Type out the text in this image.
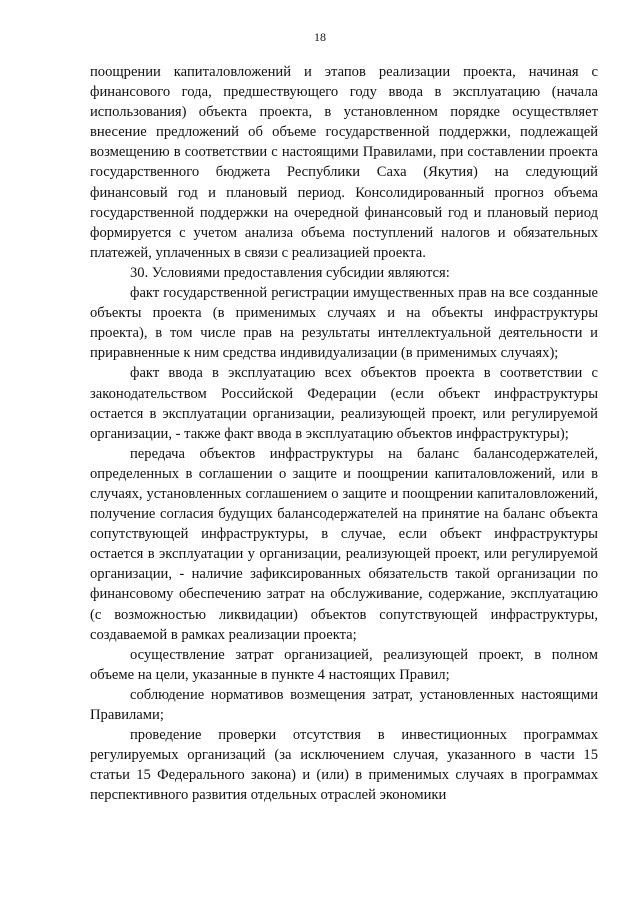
18

поощрении капиталовложений и этапов реализации проекта, начиная с финансового года, предшествующего году ввода в эксплуатацию (начала использования) объекта проекта, в установленном порядке осуществляет внесение предложений об объеме государственной поддержки, подлежащей возмещению в соответствии с настоящими Правилами, при составлении проекта государственного бюджета Республики Саха (Якутия) на следующий финансовый год и плановый период. Консолидированный прогноз объема государственной поддержки на очередной финансовый год и плановый период формируется с учетом анализа объема поступлений налогов и обязательных платежей, уплаченных в связи с реализацией проекта.

30. Условиями предоставления субсидии являются:

факт государственной регистрации имущественных прав на все созданные объекты проекта (в применимых случаях и на объекты инфраструктуры проекта), в том числе прав на результаты интеллектуальной деятельности и приравненные к ним средства индивидуализации (в применимых случаях);

факт ввода в эксплуатацию всех объектов проекта в соответствии с законодательством Российской Федерации (если объект инфраструктуры остается в эксплуатации организации, реализующей проект, или регулируемой организации, - также факт ввода в эксплуатацию объектов инфраструктуры);

передача объектов инфраструктуры на баланс балансодержателей, определенных в соглашении о защите и поощрении капиталовложений, или в случаях, установленных соглашением о защите и поощрении капиталовложений, получение согласия будущих балансодержателей на принятие на баланс объекта сопутствующей инфраструктуры, в случае, если объект инфраструктуры остается в эксплуатации у организации, реализующей проект, или регулируемой организации, - наличие зафиксированных обязательств такой организации по финансовому обеспечению затрат на обслуживание, содержание, эксплуатацию (с возможностью ликвидации) объектов сопутствующей инфраструктуры, создаваемой в рамках реализации проекта;

осуществление затрат организацией, реализующей проект, в полном объеме на цели, указанные в пункте 4 настоящих Правил;

соблюдение нормативов возмещения затрат, установленных настоящими Правилами;

проведение проверки отсутствия в инвестиционных программах регулируемых организаций (за исключением случая, указанного в части 15 статьи 15 Федерального закона) и (или) в применимых случаях в программах перспективного развития отдельных отраслей экономики
